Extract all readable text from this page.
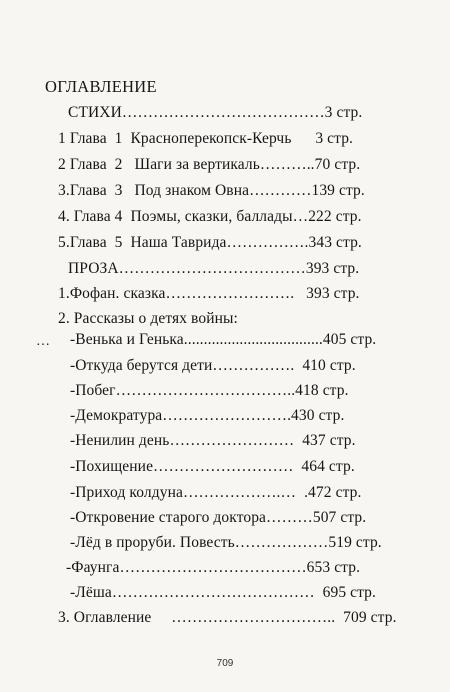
ОГЛАВЛЕНИЕ
СТИХИ…………………………………3 стр.
1 Глава  1  Красноперекопск-Керчь      3 стр.
2 Глава  2   Шаги за вертикаль………..70 стр.
3.Глава  3   Под знаком Овна…………139 стр.
4. Глава 4  Поэмы, сказки, баллады…222 стр.
5.Глава  5  Наша Таврида…………….343 стр.
ПРОЗА………………………………393 стр.
1.Фофан. сказка…………………….   393 стр.
2. Рассказы о детях войны:
… -Венька и Генька...................................405 стр.
-Откуда берутся дети…………….  410 стр.
-Побег……………………………..418 стр.
-Демократура…………………….430 стр.
-Ненилин день……………………  437 стр.
-Похищение………………………  464 стр.
-Приход колдуна……………….…  .472 стр.
-Откровение старого доктора………507 стр.
-Лёд в проруби. Повесть………………519 стр.
-Фаунга………………………………653 стр.
-Лёша…………………………………  695 стр.
3. Оглавление     …………………………..  709 стр.
709
